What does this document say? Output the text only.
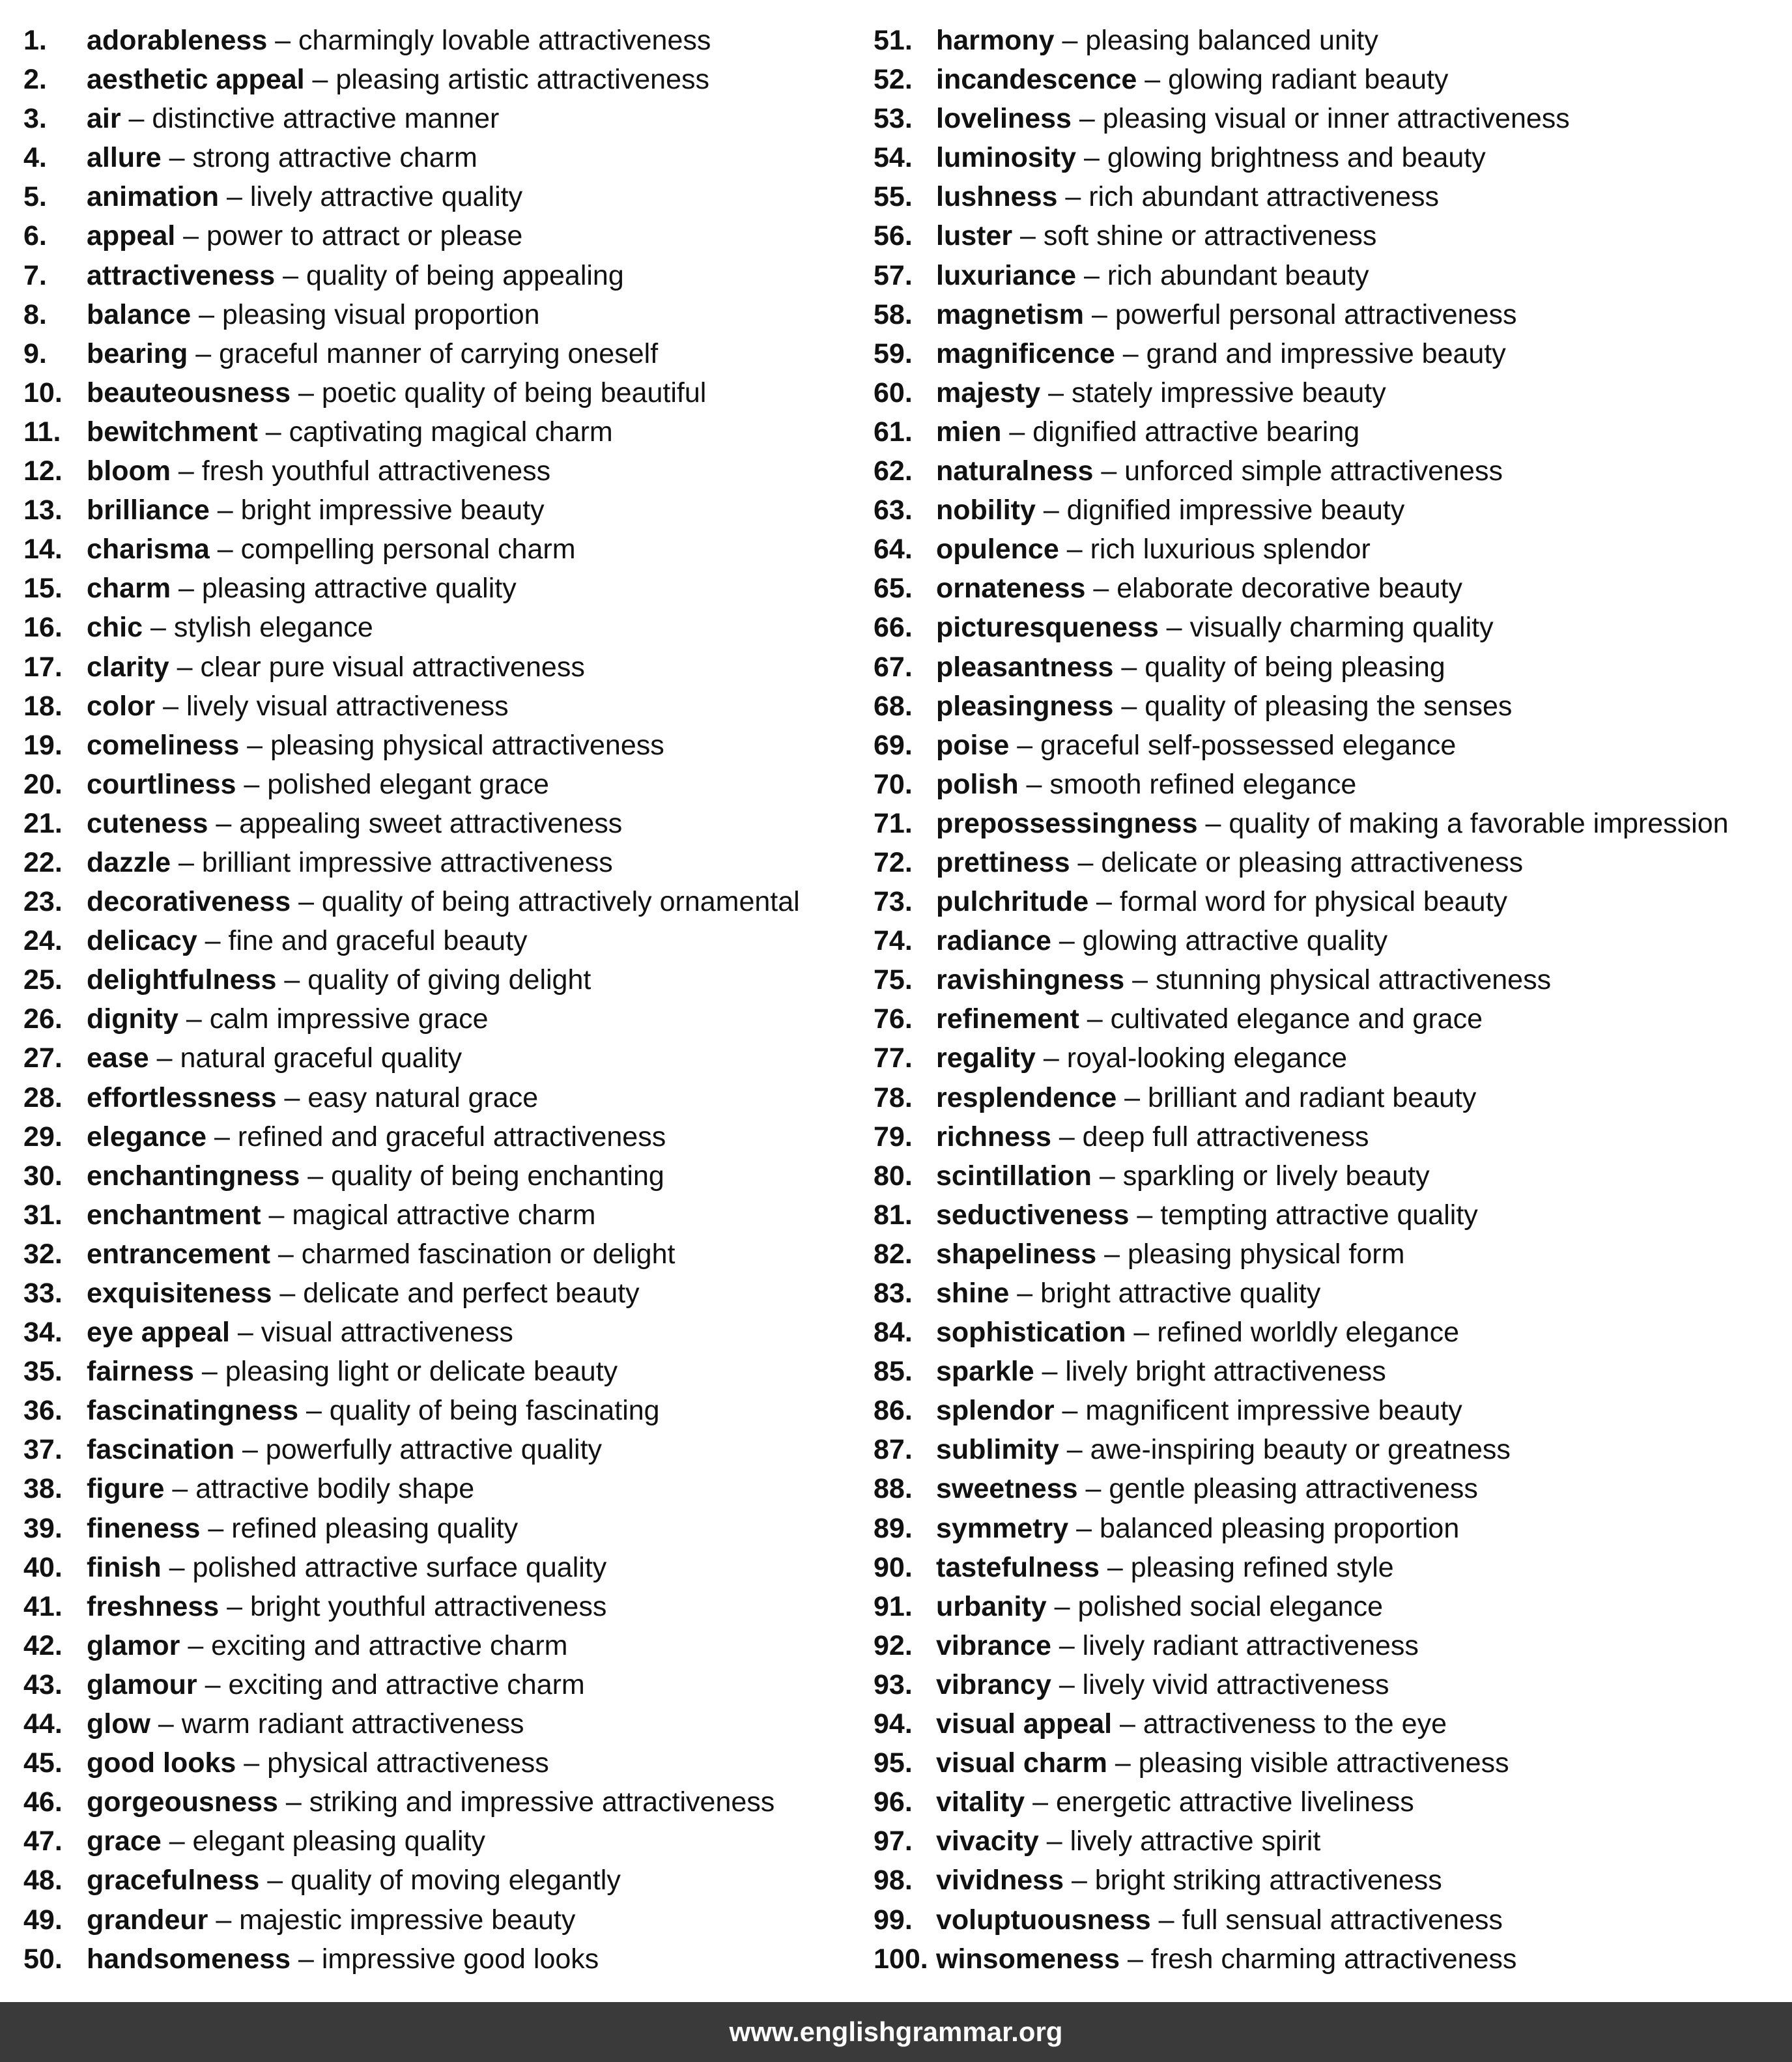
1. adorableness – charmingly lovable attractiveness
2. aesthetic appeal – pleasing artistic attractiveness
3. air – distinctive attractive manner
4. allure – strong attractive charm
5. animation – lively attractive quality
6. appeal – power to attract or please
7. attractiveness – quality of being appealing
8. balance – pleasing visual proportion
9. bearing – graceful manner of carrying oneself
10. beauteousness – poetic quality of being beautiful
11. bewitchment – captivating magical charm
12. bloom – fresh youthful attractiveness
13. brilliance – bright impressive beauty
14. charisma – compelling personal charm
15. charm – pleasing attractive quality
16. chic – stylish elegance
17. clarity – clear pure visual attractiveness
18. color – lively visual attractiveness
19. comeliness – pleasing physical attractiveness
20. courtliness – polished elegant grace
21. cuteness – appealing sweet attractiveness
22. dazzle – brilliant impressive attractiveness
23. decorativeness – quality of being attractively ornamental
24. delicacy – fine and graceful beauty
25. delightfulness – quality of giving delight
26. dignity – calm impressive grace
27. ease – natural graceful quality
28. effortlessness – easy natural grace
29. elegance – refined and graceful attractiveness
30. enchantingness – quality of being enchanting
31. enchantment – magical attractive charm
32. entrancement – charmed fascination or delight
33. exquisiteness – delicate and perfect beauty
34. eye appeal – visual attractiveness
35. fairness – pleasing light or delicate beauty
36. fascinatingness – quality of being fascinating
37. fascination – powerfully attractive quality
38. figure – attractive bodily shape
39. fineness – refined pleasing quality
40. finish – polished attractive surface quality
41. freshness – bright youthful attractiveness
42. glamor – exciting and attractive charm
43. glamour – exciting and attractive charm
44. glow – warm radiant attractiveness
45. good looks – physical attractiveness
46. gorgeousness – striking and impressive attractiveness
47. grace – elegant pleasing quality
48. gracefulness – quality of moving elegantly
49. grandeur – majestic impressive beauty
50. handsomeness – impressive good looks
51. harmony – pleasing balanced unity
52. incandescence – glowing radiant beauty
53. loveliness – pleasing visual or inner attractiveness
54. luminosity – glowing brightness and beauty
55. lushness – rich abundant attractiveness
56. luster – soft shine or attractiveness
57. luxuriance – rich abundant beauty
58. magnetism – powerful personal attractiveness
59. magnificence – grand and impressive beauty
60. majesty – stately impressive beauty
61. mien – dignified attractive bearing
62. naturalness – unforced simple attractiveness
63. nobility – dignified impressive beauty
64. opulence – rich luxurious splendor
65. ornateness – elaborate decorative beauty
66. picturesqueness – visually charming quality
67. pleasantness – quality of being pleasing
68. pleasingness – quality of pleasing the senses
69. poise – graceful self-possessed elegance
70. polish – smooth refined elegance
71. prepossessingness – quality of making a favorable impression
72. prettiness – delicate or pleasing attractiveness
73. pulchritude – formal word for physical beauty
74. radiance – glowing attractive quality
75. ravishingness – stunning physical attractiveness
76. refinement – cultivated elegance and grace
77. regality – royal-looking elegance
78. resplendence – brilliant and radiant beauty
79. richness – deep full attractiveness
80. scintillation – sparkling or lively beauty
81. seductiveness – tempting attractive quality
82. shapeliness – pleasing physical form
83. shine – bright attractive quality
84. sophistication – refined worldly elegance
85. sparkle – lively bright attractiveness
86. splendor – magnificent impressive beauty
87. sublimity – awe-inspiring beauty or greatness
88. sweetness – gentle pleasing attractiveness
89. symmetry – balanced pleasing proportion
90. tastefulness – pleasing refined style
91. urbanity – polished social elegance
92. vibrance – lively radiant attractiveness
93. vibrancy – lively vivid attractiveness
94. visual appeal – attractiveness to the eye
95. visual charm – pleasing visible attractiveness
96. vitality – energetic attractive liveliness
97. vivacity – lively attractive spirit
98. vividness – bright striking attractiveness
99. voluptuousness – full sensual attractiveness
100. winsomeness – fresh charming attractiveness
www.englishgrammar.org
